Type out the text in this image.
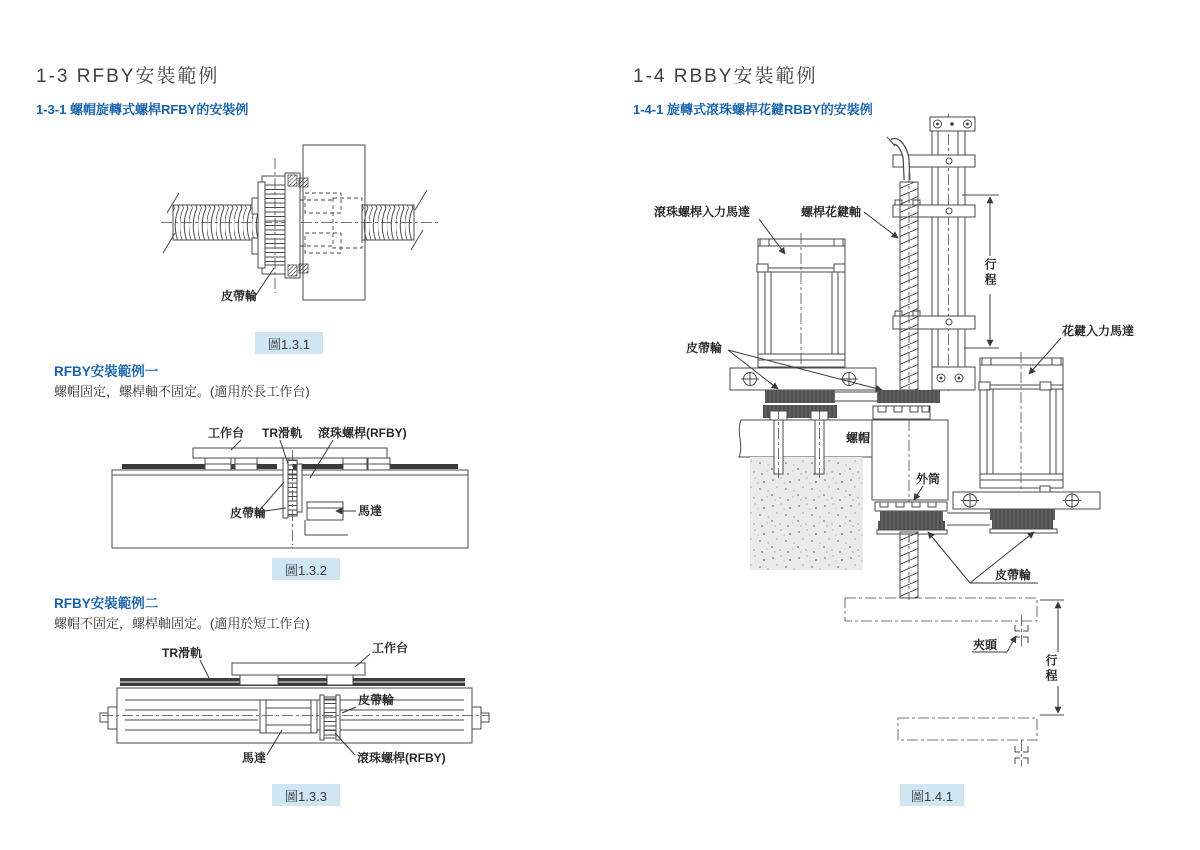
1-3 RFBY安裝範例
1-3-1 螺帽旋轉式螺桿RFBY的安裝例
皮帶輪
圖1.3.1
RFBY安裝範例一
螺帽固定，螺桿軸不固定。(適用於長工作台)
工作台 TR滑軌 滾珠螺桿(RFBY)
皮帶輪	馬達
圖1.3.2
RFBY安裝範例二
螺帽不固定，螺桿軸固定。(適用於短工作台)
TR滑軌	工作台
皮帶輪
馬達	滾珠螺桿(RFBY)
圖1.3.3
1-4 RBBY安裝範例
1-4-1 旋轉式滾珠螺桿花鍵RBBY的安裝例
行程
皮帶輪
滾珠螺桿入力馬達	螺桿花鍵軸
螺帽
外筒
花鍵入力馬達
皮帶輪
夾頭
行程
圖1.4.1
